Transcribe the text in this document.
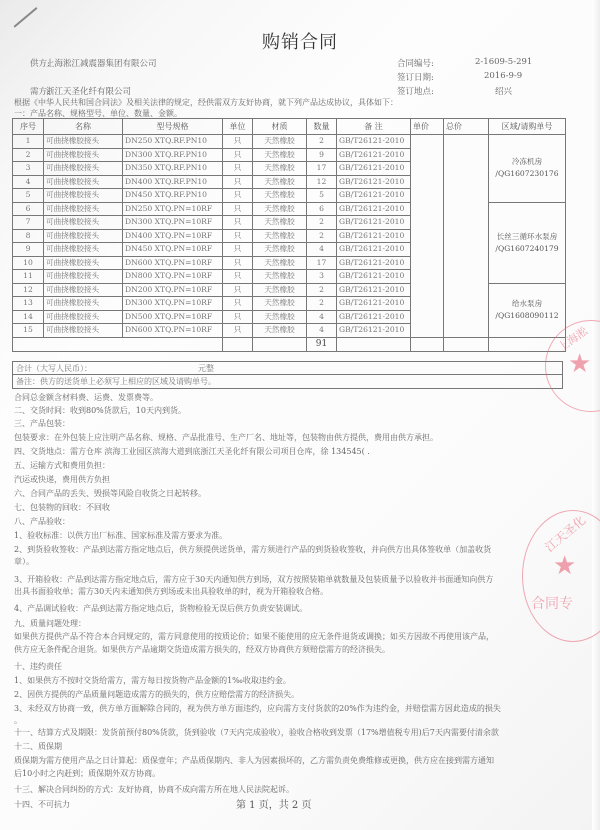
购销合同
供方:
上海淞江减震器集团有限公司
需方:
浙江天圣化纤有限公司
合同编号:	2-1609-5-291
签订日期:	2016-9-9
签订地点:	绍兴
根据《中华人民共和国合同法》及相关法律的规定，经供需双方友好协商，就下列产品达成协议，具体如下：
一：产品名称、规格型号、单位、数量、金额。
序号	名称	型号规格	单位	材质	数量	备 注	单价	总价	区域/请购单号
1	可曲挠橡胶接头	DN250 XTQ.RF.PN10	只	天然橡胶	2	GB/T26121-2010			冷冻机房
/QG1607230176
2	可曲挠橡胶接头	DN300 XTQ.RF.PN10	只	天然橡胶	9	GB/T26121-2010			
3	可曲挠橡胶接头	DN350 XTQ.RF.PN10	只	天然橡胶	17	GB/T26121-2010			
4	可曲挠橡胶接头	DN400 XTQ.RF.PN10	只	天然橡胶	12	GB/T26121-2010			
5	可曲挠橡胶接头	DN450 XTQ.RF.PN10	只	天然橡胶	5	GB/T26121-2010			
6	可曲挠橡胶接头	DN250 XTQ.PN=10RF	只	天然橡胶	6	GB/T26121-2010			长丝三循环水泵房
/QG1607240179
7	可曲挠橡胶接头	DN300 XTQ.PN=10RF	只	天然橡胶	2	GB/T26121-2010			
8	可曲挠橡胶接头	DN400 XTQ.PN=10RF	只	天然橡胶	2	GB/T26121-2010			
9	可曲挠橡胶接头	DN450 XTQ.PN=10RF	只	天然橡胶	4	GB/T26121-2010			
10	可曲挠橡胶接头	DN600 XTQ.PN=10RF	只	天然橡胶	17	GB/T26121-2010			
11	可曲挠橡胶接头	DN800 XTQ.PN=10RF	只	天然橡胶	3	GB/T26121-2010			
12	可曲挠橡胶接头	DN200 XTQ.PN=10RF	只	天然橡胶	2	GB/T26121-2010			给水泵房
/QG1608090112
13	可曲挠橡胶接头	DN300 XTQ.PN=10RF	只	天然橡胶	2	GB/T26121-2010			
14	可曲挠橡胶接头	DN500 XTQ.PN=10RF	只	天然橡胶	4	GB/T26121-2010			
15	可曲挠橡胶接头	DN600 XTQ.PN=10RF	只	天然橡胶	4	GB/T26121-2010			
					91				
合计（大写人民币）：	元整
备注：供方的送货单上必须写上相应的区域及请购单号。
合同总金额含材料费、运费、发票费等。
二、交货时间：收到80%货款后，10天内到货。
三、产品包装：
包装要求：在外包装上应注明产品名称、规格、产品批准号、生产厂名、地址等，包装物由供方提供，费用由供方承担。
四、交货地点：需方仓库 滨海工业园区滨海大道到底浙江天圣化纤有限公司项目仓库，徐 134545( .
五、运输方式和费用负担：
汽运或快递，费用供方负担
六、合同产品的丢失、毁损等风险自收货之日起转移。
七、包装物的回收：不回收
八、产品验收：
1、验收标准：以供方出厂标准、国家标准及需方要求为准。
2、到货验收签收：产品到达需方指定地点后，供方须提供送货单，需方须进行产品的到货验收签收，并向供方出具体签收单（加盖收货
章）。
3、开箱验收：产品到达需方指定地点后，需方应于30天内通知供方到场，双方按照装箱单就数量及包装质量予以验收并书面通知向供方
出具书面验收单；需方30天内未通知供方到场或未出具验收单的时，视为开箱验收合格。
4、产品调试验收：产品到达需方指定地点后，货物检验无误后供方负责安装调试。
九、质量问题处理：
如果供方提供产品不符合本合同规定的，需方同意使用的按质论价；如果不能使用的应无条件退货或调换；如买方因故不再使用该产品，
供方应无条件配合退货。如果供方产品逾期交货造成需方损失的，经双方协商供方须赔偿需方的经济损失。
十、违约责任
1、如果供方不按时交货给需方，需方每日按货物产品金额的1‰收取违约金。
2、因供方提供的产品质量问题造成需方的损失的，供方应赔偿需方的经济损失。
3、未经双方协商一致，供方单方面解除合同的，视为供方单方面违约，应向需方支付货款的20%作为违约金，并赔偿需方因此造成的损失
。
十一、结算方式及期限：发货前预付80%货款，货到验收（7天内完成验收），验收合格收到发票（17%增值税专用)后7天内需要付清余款
十二、质保期
质保期为需方使用产品之日计算起：质保壹年；产品质保期内、非人为因素损坏的，乙方需负责免费维修或更换，供方应在接到需方通知
后10小时之内赶到；质保期外双方协商。
十三、解决合同纠纷的方式：友好协商，协商不成向需方所在地人民法院起诉。
十四、不可抗力	第 1 页，共 2 页
上海淞
★
江天圣化
★
合同专
